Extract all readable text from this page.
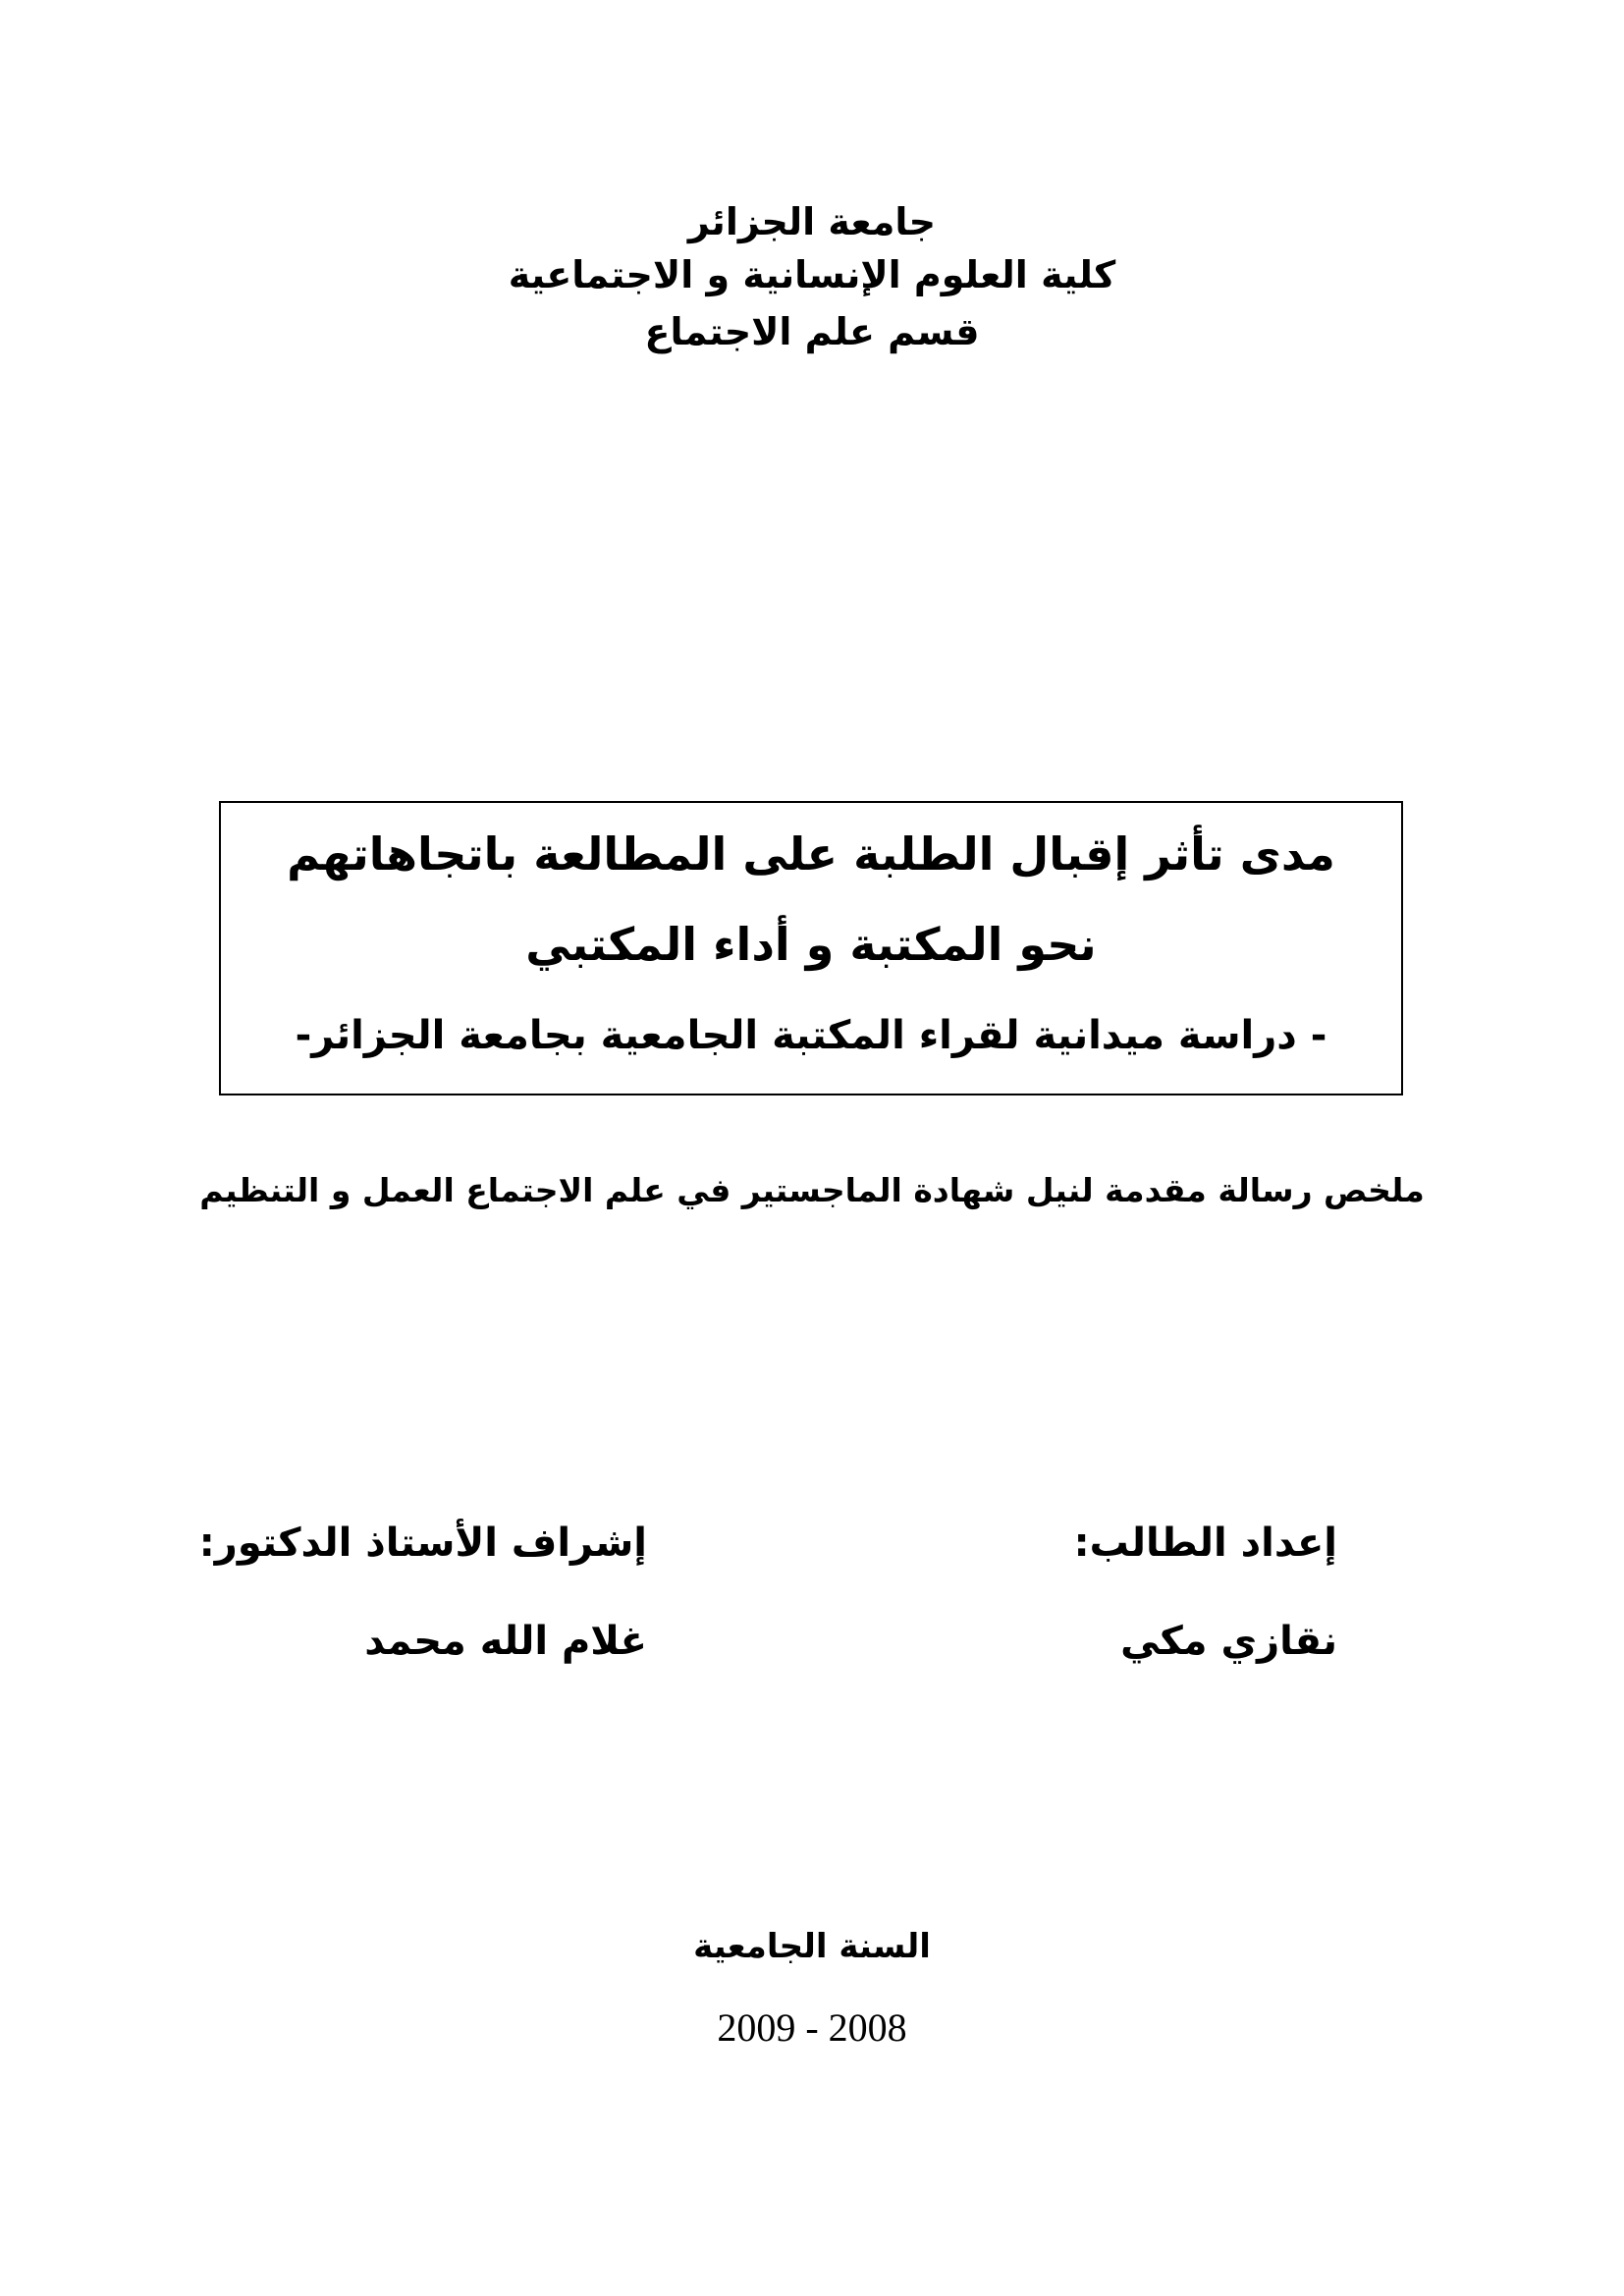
جامعة الجزائر
كلية العلوم الإنسانية و الاجتماعية
قسم علم الاجتماع
مدى تأثر إقبال الطلبة على المطالعة باتجاهاتهم
نحو المكتبة و أداء المكتبي
- دراسة ميدانية لقراء المكتبة الجامعية بجامعة الجزائر-
ملخص رسالة مقدمة لنيل شهادة الماجستير في علم الاجتماع العمل و التنظيم
إعداد الطالب:
نقازي مكي
إشراف الأستاذ الدكتور:
غلام الله محمد
السنة الجامعية
2009 - 2008
